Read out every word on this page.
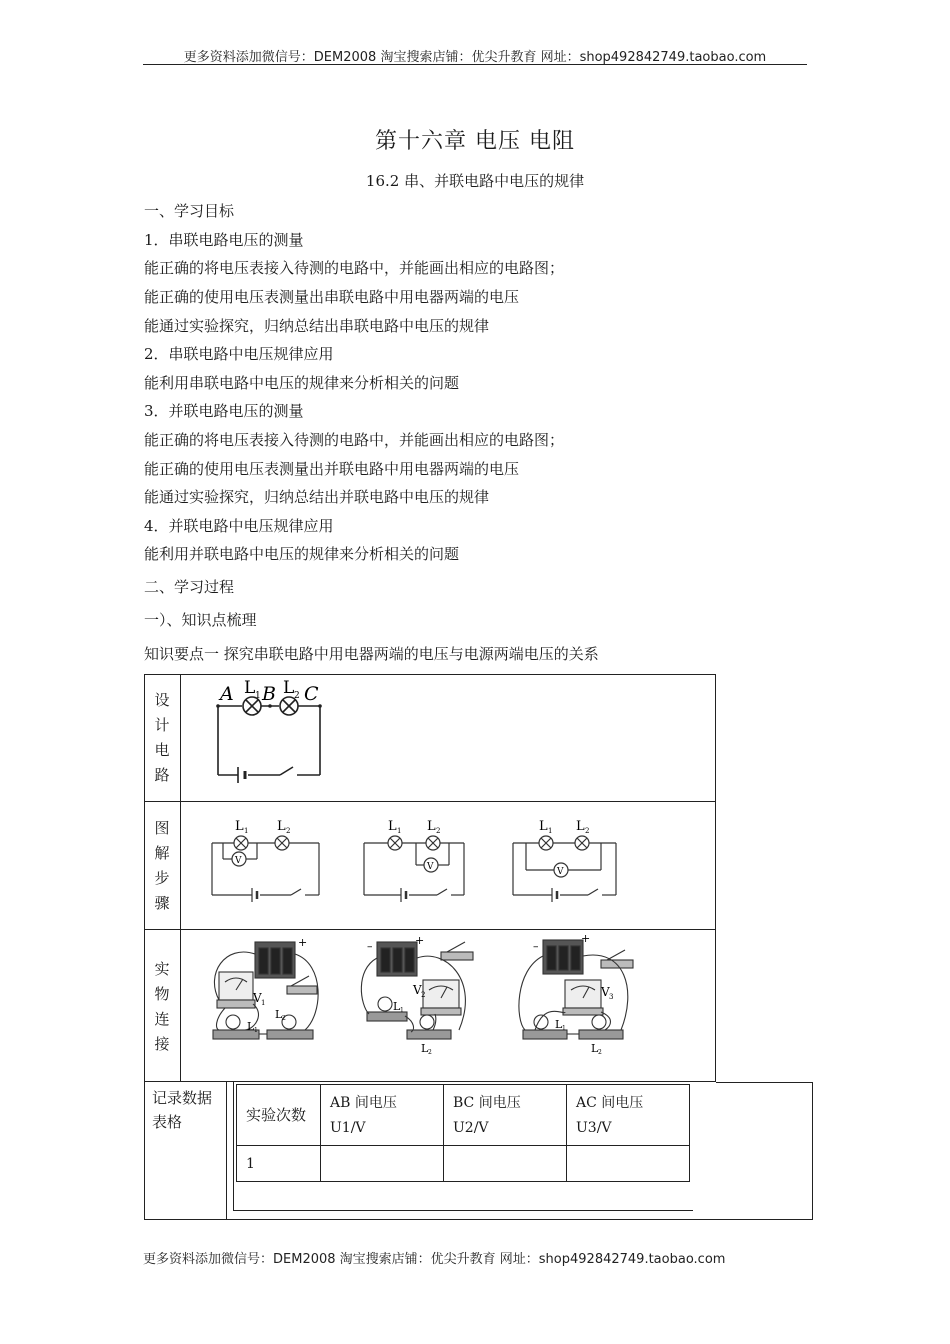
更多资料添加微信号：DEM2008 淘宝搜索店铺：优尖升教育 网址：shop492842749.taobao.com
第十六章 电压 电阻
16.2 串、并联电路中电压的规律
一、学习目标
1．串联电路电压的测量
能正确的将电压表接入待测的电路中，并能画出相应的电路图；
能正确的使用电压表测量出串联电路中用电器两端的电压
能通过实验探究，归纳总结出串联电路中电压的规律
2．串联电路中电压规律应用
能利用串联电路中电压的规律来分析相关的问题
3．并联电路电压的测量
能正确的将电压表接入待测的电路中，并能画出相应的电路图；
能正确的使用电压表测量出并联电路中用电器两端的电压
能通过实验探究，归纳总结出并联电路中电压的规律
4．并联电路中电压规律应用
能利用并联电路中电压的规律来分析相关的问题
二、学习过程
一）、知识点梳理
知识要点一 探究串联电路中用电器两端的电压与电源两端电压的关系
设计电路
图解步骤
实物连接
记录数据表格
A L 1 B L 2 C
L 1 L 2
V
L 1 L 2
V
L 1 L 2
V
+
V 1
L 1
L 2
–	+
V 2
L 1
L 2
–
+
V 3
L 1
L 2
实验次数
AB 间电压
U1/V
BC 间电压
U2/V
AC 间电压
U3/V
1
更多资料添加微信号：DEM2008 淘宝搜索店铺：优尖升教育 网址：shop492842749.taobao.com
